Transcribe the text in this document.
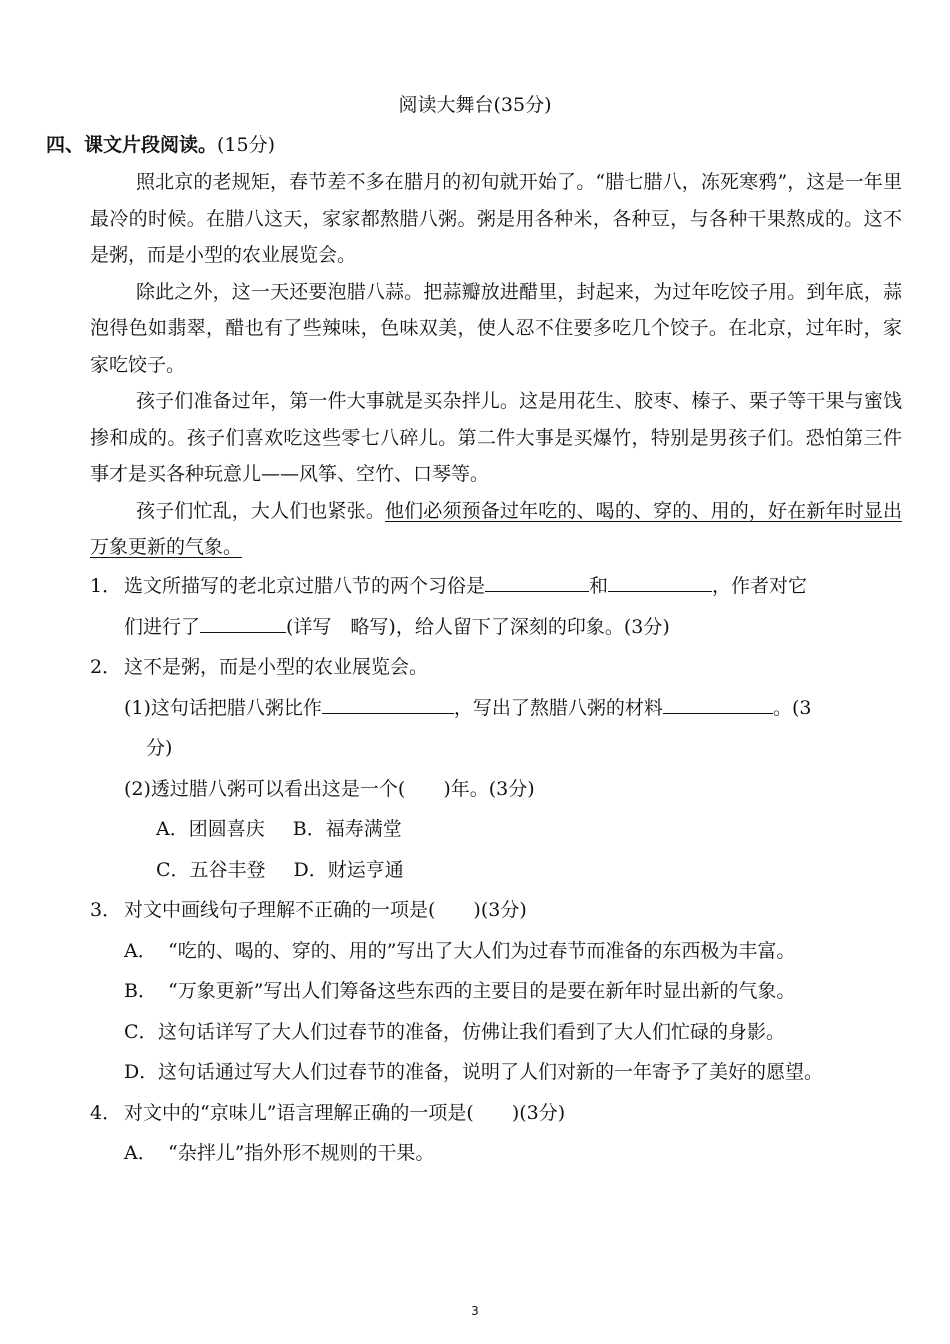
阅读大舞台(35分)
四、课文片段阅读。(15分)

照北京的老规矩，春节差不多在腊月的初旬就开始了。“腊七腊八，冻死寒鸦”，这是一年里最冷的时候。在腊八这天，家家都熬腊八粥。粥是用各种米，各种豆，与各种干果熬成的。这不是粥，而是小型的农业展览会。

除此之外，这一天还要泡腊八蒜。把蒜瓣放进醋里，封起来，为过年吃饺子用。到年底，蒜泡得色如翡翠，醋也有了些辣味，色味双美，使人忍不住要多吃几个饺子。在北京，过年时，家家吃饺子。

孩子们准备过年，第一件大事就是买杂拌儿。这是用花生、胶枣、榛子、栗子等干果与蜜饯掺和成的。孩子们喜欢吃这些零七八碎儿。第二件大事是买爆竹，特别是男孩子们。恐怕第三件事才是买各种玩意儿——风筝、空竹、口琴等。

孩子们忙乱，大人们也紧张。他们必须预备过年吃的、喝的、穿的、用的，好在新年时显出万象更新的气象。

1． 选文所描写的老北京过腊八节的两个习俗是	和	，作者对它
们进行了	(详写　略写)，给人留下了深刻的印象。(3分)
2． 这不是粥，而是小型的农业展览会。
(1)这句话把腊八粥比作	，写出了熬腊八粥的材料	。(3
分)
(2)透过腊八粥可以看出这是一个(　　)年。(3分)
A．团圆喜庆 B．福寿满堂
C．五谷丰登 D．财运亨通
3． 对文中画线句子理解不正确的一项是(　　)(3分)
A． “吃的、喝的、穿的、用的”写出了大人们为过春节而准备的东西极为丰富。
B． “万象更新”写出人们筹备这些东西的主要目的是要在新年时显出新的气象。
C． 这句话详写了大人们过春节的准备，仿佛让我们看到了大人们忙碌的身影。
D． 这句话通过写大人们过春节的准备，说明了人们对新的一年寄予了美好的愿望。
4． 对文中的“京味儿”语言理解正确的一项是(　　)(3分)
A． “杂拌儿”指外形不规则的干果。
3
